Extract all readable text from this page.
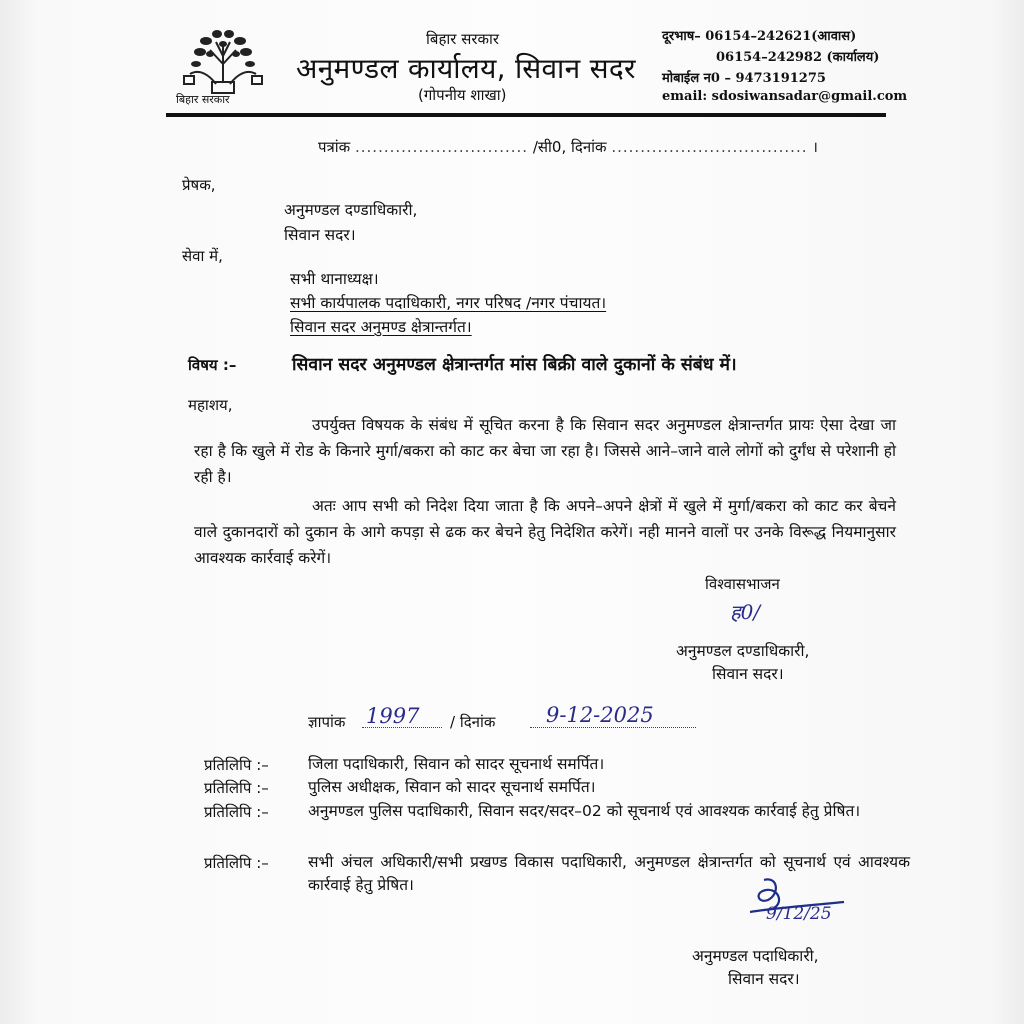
बिहार सरकार
बिहार सरकार
अनुमण्डल कार्यालय, सिवान सदर
(गोपनीय शाखा)
दूरभाष– 06154–242621(आवास)
06154–242982 (कार्यालय)
मोबाईल न0 – 9473191275
email: sdosiwansadar@gmail.com
पत्रांक .............................. /सी0, दिनांक .................................. ।
प्रेषक,
अनुमण्डल दण्डाधिकारी,
सिवान सदर।
सेवा में,
सभी थानाध्यक्ष।
सभी कार्यपालक पदाधिकारी, नगर परिषद /नगर पंचायत।
सिवान सदर अनुमण्ड क्षेत्रान्तर्गत।
विषय :–	सिवान सदर अनुमण्डल क्षेत्रान्तर्गत मांस बिक्री वाले दुकानों के संबंध में।
महाशय,

उपर्युक्त विषयक के संबंध में सूचित करना है कि सिवान सदर अनुमण्डल क्षेत्रान्तर्गत प्रायः ऐसा देखा जा रहा है कि खुले में रोड के किनारे मुर्गा/बकरा को काट कर बेचा जा रहा है। जिससे आने–जाने वाले लोगों को दुर्गंध से परेशानी हो रही है।

अतः आप सभी को निदेश दिया जाता है कि अपने–अपने क्षेत्रों में खुले में मुर्गा/बकरा को काट कर बेचने वाले दुकानदारों को दुकान के आगे कपड़ा से ढक कर बेचने हेतु निदेशित करेगें। नही मानने वालों पर उनके विरूद्ध नियमानुसार आवश्यक कार्रवाई करेगें।

विश्वासभाजन
ह0/
अनुमण्डल दण्डाधिकारी,
सिवान सदर।
ज्ञापांक 1997 / दिनांक 9-12-2025
प्रतिलिपि :–	जिला पदाधिकारी, सिवान को सादर सूचनार्थ समर्पित।
प्रतिलिपि :–	पुलिस अधीक्षक, सिवान को सादर सूचनार्थ समर्पित।
प्रतिलिपि :–	अनुमण्डल पुलिस पदाधिकारी, सिवान सदर/सदर–02 को सूचनार्थ एवं आवश्यक कार्रवाई हेतु प्रेषित।
प्रतिलिपि :–	सभी अंचल अधिकारी/सभी प्रखण्ड विकास पदाधिकारी, अनुमण्डल क्षेत्रान्तर्गत को सूचनार्थ एवं आवश्यक कार्रवाई हेतु प्रेषित।
9/12/25
अनुमण्डल पदाधिकारी,
सिवान सदर।
